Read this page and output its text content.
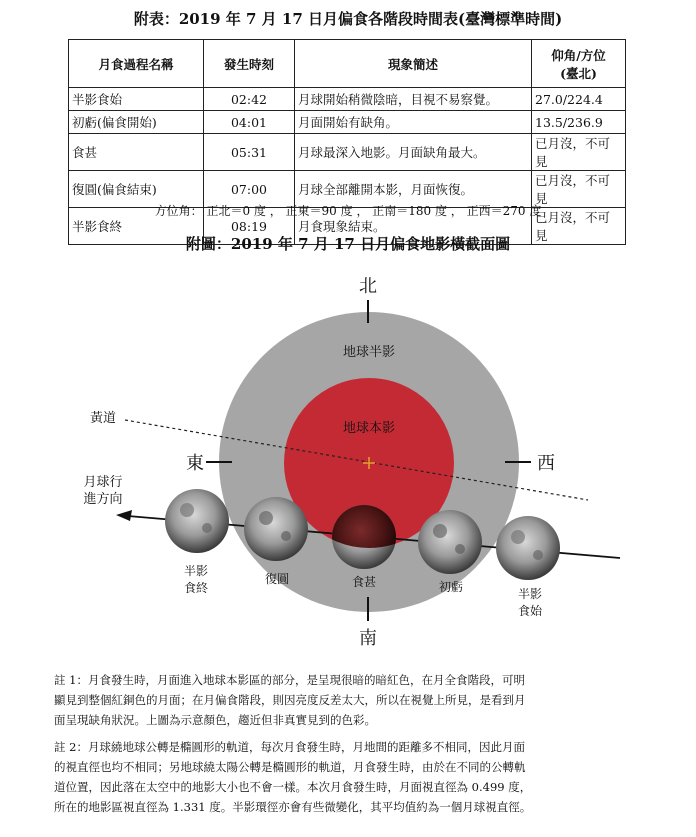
附表：2019 年 7 月 17 日月偏食各階段時間表(臺灣標準時間)
月食過程名稱	發生時刻	現象簡述	仰角/方位
(臺北)
半影食始	02:42	月球開始稍微陰暗，目視不易察覺。	27.0/224.4
初虧(偏食開始)	04:01	月面開始有缺角。	13.5/236.9
食甚	05:31	月球最深入地影。月面缺角最大。	已月沒，不可見
復圓(偏食結束)	07:00	月球全部離開本影，月面恢復。	已月沒，不可見
半影食終	08:19	月食現象結束。	已月沒，不可見
方位角： 正北＝0 度 ， 正東＝90 度 ， 正南＝180 度 ， 正西＝270 度
附圖：2019 年 7 月 17 日月偏食地影橫截面圖
北
南
東	西
地球半影
地球本影
黃道
月球行
進方向
半影
食終
復圓	食甚	初虧	半影
食始
註 1：月食發生時，月面進入地球本影區的部分，是呈現很暗的暗紅色，在月全食階段，可明
顯見到整個紅銅色的月面；在月偏食階段，則因亮度反差太大，所以在視覺上所見，是看到月
面呈現缺角狀況。上圖為示意顏色，趨近但非真實見到的色彩。
註 2：月球繞地球公轉是橢圓形的軌道，每次月食發生時，月地間的距離多不相同，因此月面
的視直徑也均不相同；另地球繞太陽公轉是橢圓形的軌道，月食發生時，由於在不同的公轉軌
道位置，因此落在太空中的地影大小也不會一樣。本次月食發生時，月面視直徑為 0.499 度，
所在的地影區視直徑為 1.331 度。半影環徑亦會有些微變化，其平均值約為一個月球視直徑。
